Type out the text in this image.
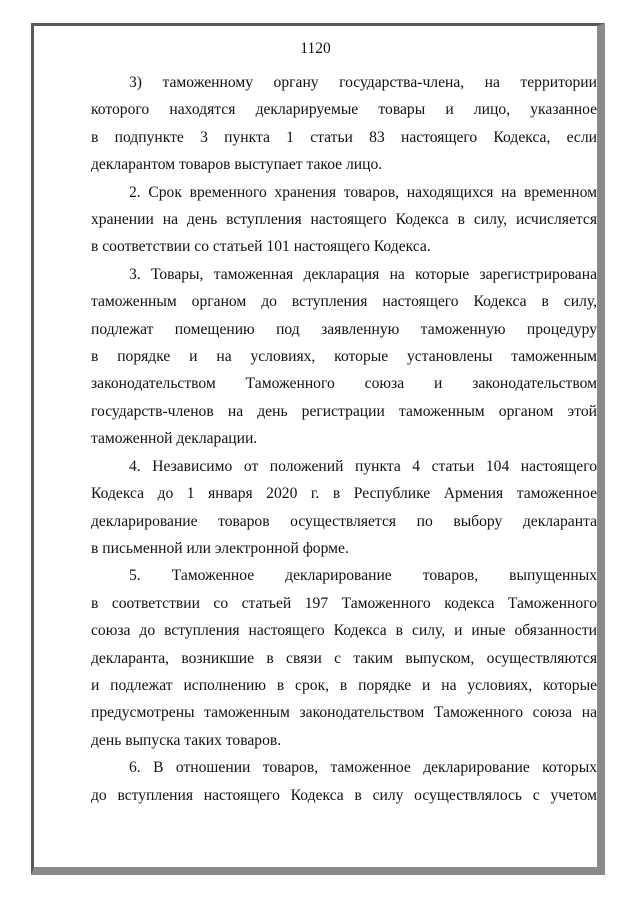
1120
3) таможенному органу государства-члена, на территории
которого находятся декларируемые товары и лицо, указанное
в подпункте 3 пункта 1 статьи 83 настоящего Кодекса, если
декларантом товаров выступает такое лицо.
2. Срок временного хранения товаров, находящихся на временном
хранении на день вступления настоящего Кодекса в силу, исчисляется
в соответствии со статьей 101 настоящего Кодекса.
3. Товары, таможенная декларация на которые зарегистрирована
таможенным органом до вступления настоящего Кодекса в силу,
подлежат помещению под заявленную таможенную процедуру
в порядке и на условиях, которые установлены таможенным
законодательством Таможенного союза и законодательством
государств-членов на день регистрации таможенным органом этой
таможенной декларации.
4. Независимо от положений пункта 4 статьи 104 настоящего
Кодекса до 1 января 2020 г. в Республике Армения таможенное
декларирование товаров осуществляется по выбору декларанта
в письменной или электронной форме.
5. Таможенное декларирование товаров, выпущенных
в соответствии со статьей 197 Таможенного кодекса Таможенного
союза до вступления настоящего Кодекса в силу, и иные обязанности
декларанта, возникшие в связи с таким выпуском, осуществляются
и подлежат исполнению в срок, в порядке и на условиях, которые
предусмотрены таможенным законодательством Таможенного союза на
день выпуска таких товаров.
6. В отношении товаров, таможенное декларирование которых
до вступления настоящего Кодекса в силу осуществлялось с учетом
